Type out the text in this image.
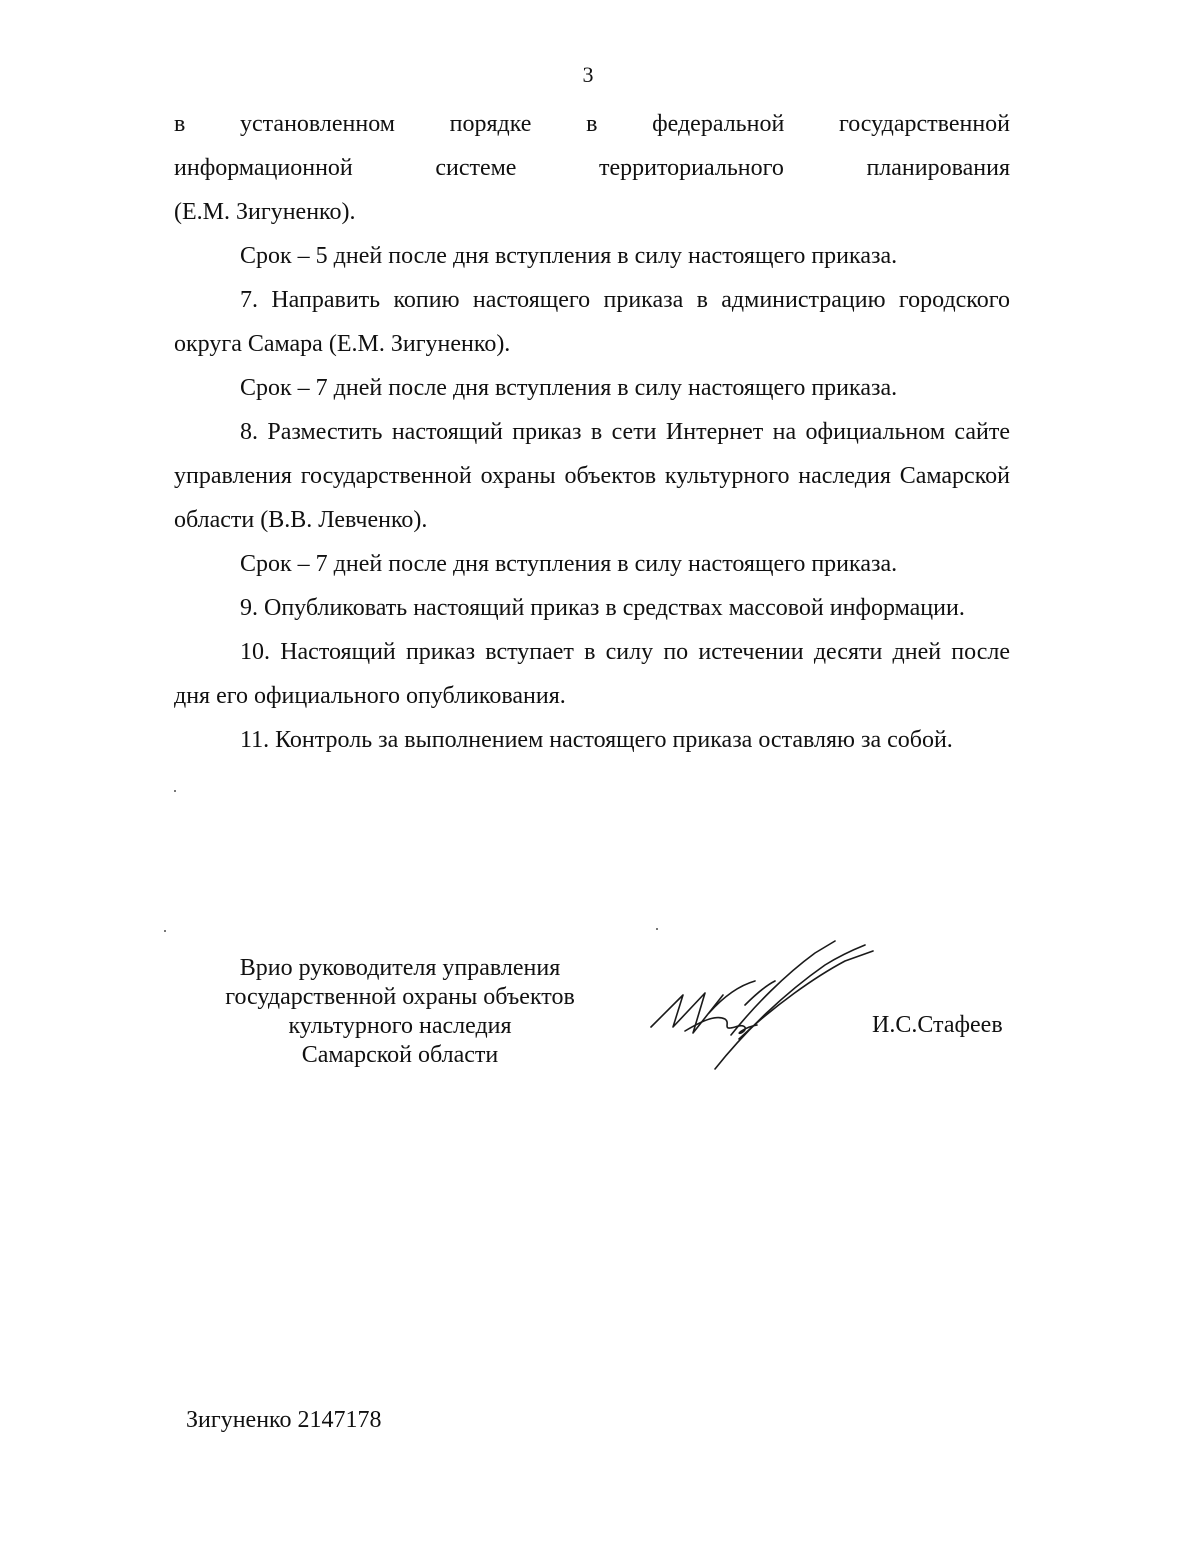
3

в установленном порядке в федеральной государственной

информационной системе территориального планирования

(Е.М. Зигуненко).

Срок – 5 дней после дня вступления в силу настоящего приказа.

7. Направить копию настоящего приказа в администрацию городского округа Самара (Е.М. Зигуненко).

Срок – 7 дней после дня вступления в силу настоящего приказа.

8. Разместить настоящий приказ в сети Интернет на официальном сайте управления государственной охраны объектов культурного наследия Самарской области (В.В. Левченко).

Срок – 7 дней после дня вступления в силу настоящего приказа.

9. Опубликовать настоящий приказ в средствах массовой информации.

10. Настоящий приказ вступает в силу по истечении десяти дней после дня его официального опубликования.

11. Контроль за выполнением настоящего приказа оставляю за собой.

Врио руководителя управления
государственной охраны объектов
культурного наследия
Самарской области
И.С.Стафеев
Зигуненко 2147178
